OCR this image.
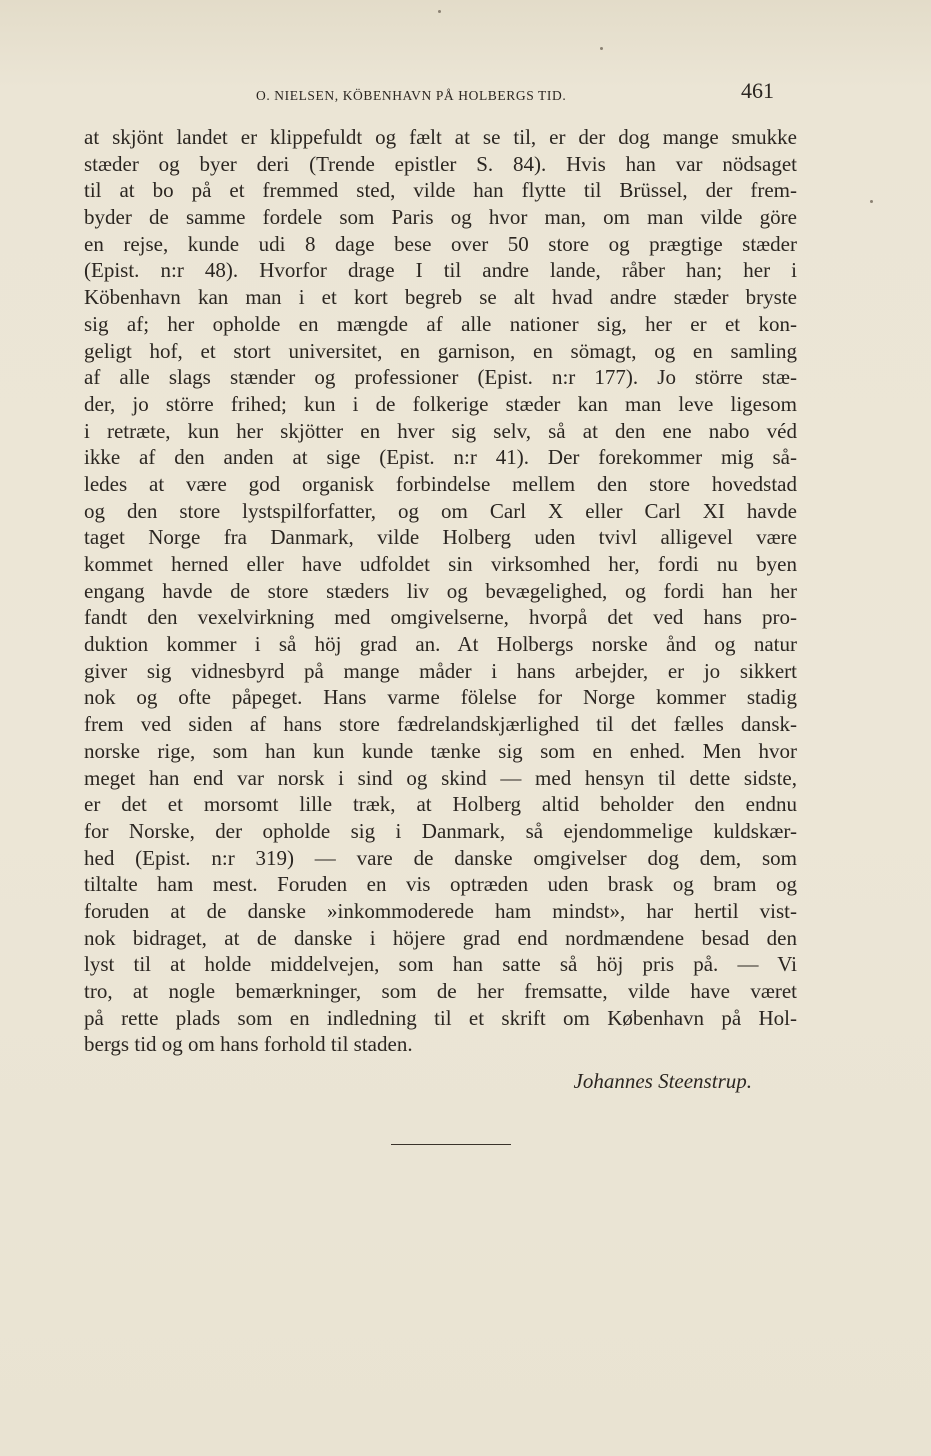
O. NIELSEN, KÖBENHAVN PÅ HOLBERGS TID.	461
at skjönt landet er klippefuldt og fælt at se til, er der dog mange smukke
stæder og byer deri (Trende epistler S. 84). Hvis han var nödsaget
til at bo på et fremmed sted, vilde han flytte til Brüssel, der frem-
byder de samme fordele som Paris og hvor man, om man vilde göre
en rejse, kunde udi 8 dage bese over 50 store og prægtige stæder
(Epist. n:r 48). Hvorfor drage I til andre lande, råber han; her i
Köbenhavn kan man i et kort begreb se alt hvad andre stæder bryste
sig af; her opholde en mængde af alle nationer sig, her er et kon-
geligt hof, et stort universitet, en garnison, en sömagt, og en samling
af alle slags stænder og professioner (Epist. n:r 177). Jo större stæ-
der, jo större frihed; kun i de folkerige stæder kan man leve ligesom
i retræte, kun her skjötter en hver sig selv, så at den ene nabo véd
ikke af den anden at sige (Epist. n:r 41). Der forekommer mig så-
ledes at være god organisk forbindelse mellem den store hovedstad
og den store lystspilforfatter, og om Carl X eller Carl XI havde
taget Norge fra Danmark, vilde Holberg uden tvivl alligevel være
kommet herned eller have udfoldet sin virksomhed her, fordi nu byen
engang havde de store stæders liv og bevægelighed, og fordi han her
fandt den vexelvirkning med omgivelserne, hvorpå det ved hans pro-
duktion kommer i så höj grad an. At Holbergs norske ånd og natur
giver sig vidnesbyrd på mange måder i hans arbejder, er jo sikkert
nok og ofte påpeget. Hans varme fölelse for Norge kommer stadig
frem ved siden af hans store fædrelandskjærlighed til det fælles dansk-
norske rige, som han kun kunde tænke sig som en enhed. Men hvor
meget han end var norsk i sind og skind — med hensyn til dette sidste,
er det et morsomt lille træk, at Holberg altid beholder den endnu
for Norske, der opholde sig i Danmark, så ejendommelige kuldskær-
hed (Epist. n:r 319) — vare de danske omgivelser dog dem, som
tiltalte ham mest. Foruden en vis optræden uden brask og bram og
foruden at de danske »inkommoderede ham mindst», har hertil vist-
nok bidraget, at de danske i höjere grad end nordmændene besad den
lyst til at holde middelvejen, som han satte så höj pris på. — Vi
tro, at nogle bemærkninger, som de her fremsatte, vilde have været
på rette plads som en indledning til et skrift om København på Hol-
bergs tid og om hans forhold til staden.
Johannes Steenstrup.
